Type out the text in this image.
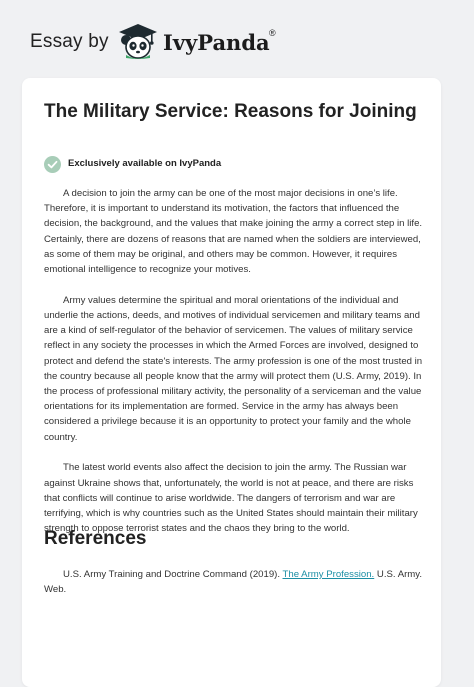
Essay by	IvyPanda ®
The Military Service: Reasons for Joining
Exclusively available on IvyPanda

A decision to join the army can be one of the most major decisions in one’s life. Therefore, it is important to understand its motivation, the factors that influenced the decision, the background, and the values that make joining the army a correct step in life. Certainly, there are dozens of reasons that are named when the soldiers are interviewed, as some of them may be original, and others may be common. However, it requires emotional intelligence to recognize your motives.

Army values determine the spiritual and moral orientations of the individual and underlie the actions, deeds, and motives of individual servicemen and military teams and are a kind of self-regulator of the behavior of servicemen. The values of military service reflect in any society the processes in which the Armed Forces are involved, designed to protect and defend the state's interests. The army profession is one of the most trusted in the country because all people know that the army will protect them (U.S. Army, 2019). In the process of professional military activity, the personality of a serviceman and the value orientations for its implementation are formed. Service in the army has always been considered a privilege because it is an opportunity to protect your family and the whole country.

The latest world events also affect the decision to join the army. The Russian war against Ukraine shows that, unfortunately, the world is not at peace, and there are risks that conflicts will continue to arise worldwide. The dangers of terrorism and war are terrifying, which is why countries such as the United States should maintain their military strength to oppose terrorist states and the chaos they bring to the world.

References
U.S. Army Training and Doctrine Command (2019). The Army Profession. U.S. Army. Web.
